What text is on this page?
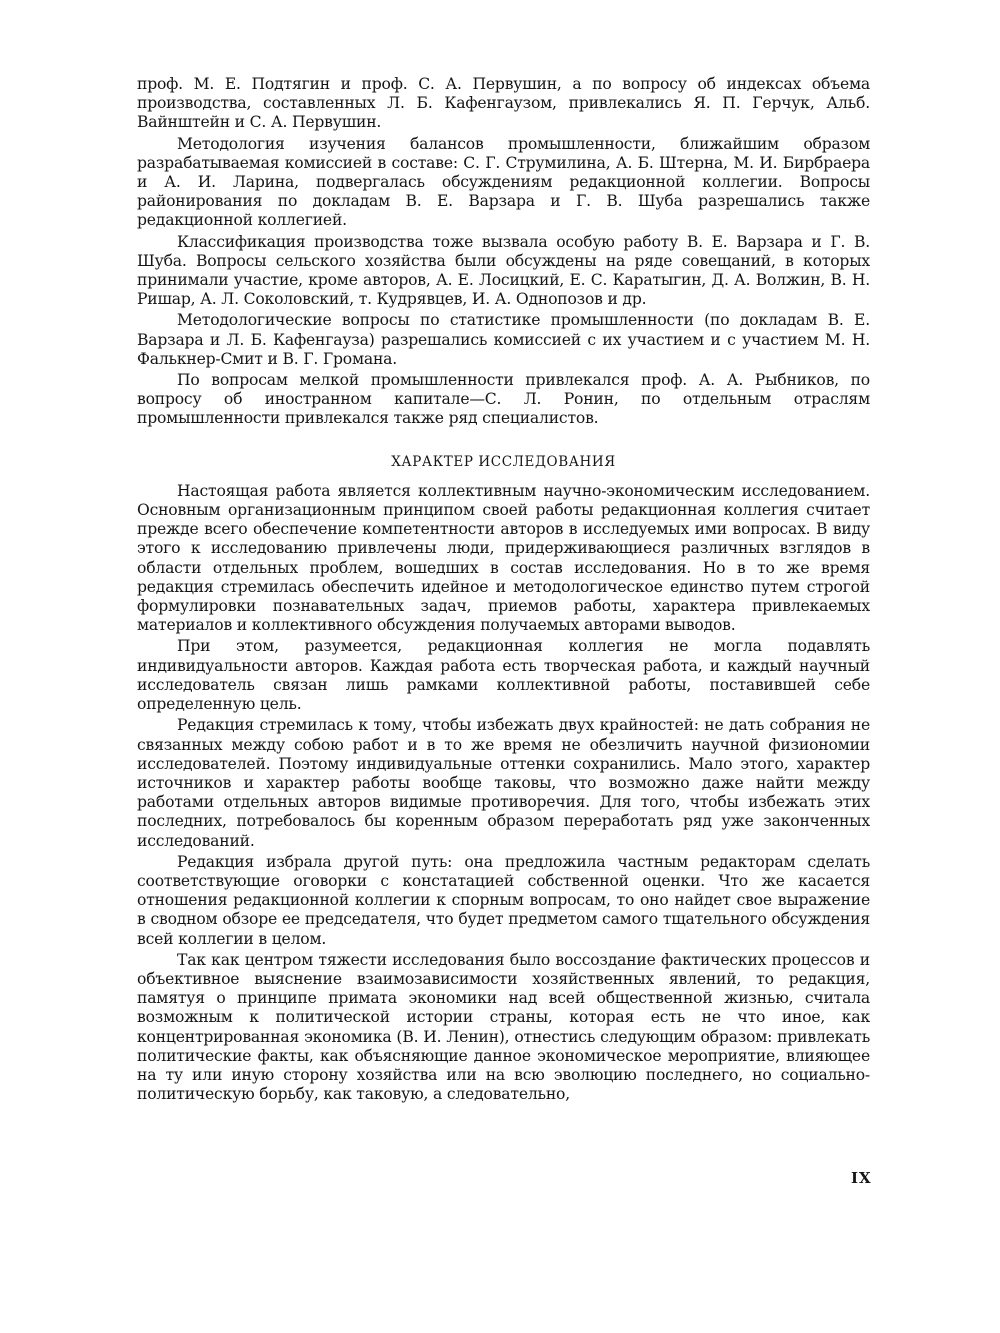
проф. М. Е. Подтягин и проф. С. А. Первушин, а по вопросу об индексах объема производства, составленных Л. Б. Кафенгаузом, привлекались Я. П. Герчук, Альб. Вайнштейн и С. А. Первушин.

Методология изучения балансов промышленности, ближайшим образом разрабатываемая комиссией в составе: С. Г. Струмилина, А. Б. Штерна, М. И. Бирбраера и А. И. Ларина, подвергалась обсуждениям редакционной коллегии. Вопросы районирования по докладам В. Е. Варзара и Г. В. Шуба разрешались также редакционной коллегией.

Классификация производства тоже вызвала особую работу В. Е. Варзара и Г. В. Шуба. Вопросы сельского хозяйства были обсуждены на ряде совещаний, в которых принимали участие, кроме авторов, А. Е. Лосицкий, Е. С. Каратыгин, Д. А. Волжин, В. Н. Ришар, А. Л. Соколовский, т. Кудрявцев, И. А. Однопозов и др.

Методологические вопросы по статистике промышленности (по докладам В. Е. Варзара и Л. Б. Кафенгауза) разрешались комиссией с их участием и с участием М. Н. Фалькнер-Смит и В. Г. Громана.

По вопросам мелкой промышленности привлекался проф. А. А. Рыбников, по вопросу об иностранном капитале—С. Л. Ронин, по отдельным отраслям промышленности привлекался также ряд специалистов.

ХАРАКТЕР ИССЛЕДОВАНИЯ

Настоящая работа является коллективным научно-экономическим исследованием. Основным организационным принципом своей работы редакционная коллегия считает прежде всего обеспечение компетентности авторов в исследуемых ими вопросах. В виду этого к исследованию привлечены люди, придерживающиеся различных взглядов в области отдельных проблем, вошедших в состав исследования. Но в то же время редакция стремилась обеспечить идейное и методологическое единство путем строгой формулировки познавательных задач, приемов работы, характера привлекаемых материалов и коллективного обсуждения получаемых авторами выводов.

При этом, разумеется, редакционная коллегия не могла подавлять индивидуальности авторов. Каждая работа есть творческая работа, и каждый научный исследователь связан лишь рамками коллективной работы, поставившей себе определенную цель.

Редакция стремилась к тому, чтобы избежать двух крайностей: не дать собрания не связанных между собою работ и в то же время не обезличить научной физиономии исследователей. Поэтому индивидуальные оттенки сохранились. Мало этого, характер источников и характер работы вообще таковы, что возможно даже найти между работами отдельных авторов видимые противоречия. Для того, чтобы избежать этих последних, потребовалось бы коренным образом переработать ряд уже законченных исследований.

Редакция избрала другой путь: она предложила частным редакторам сделать соответствующие оговорки с констатацией собственной оценки. Что же касается отношения редакционной коллегии к спорным вопросам, то оно найдет свое выражение в сводном обзоре ее председателя, что будет предметом самого тщательного обсуждения всей коллегии в целом.

Так как центром тяжести исследования было воссоздание фактических процессов и объективное выяснение взаимозависимости хозяйственных явлений, то редакция, памятуя о принципе примата экономики над всей общественной жизнью, считала возможным к политической истории страны, которая есть не что иное, как концентрированная экономика (В. И. Ленин), отнестись следующим образом: привлекать политические факты, как объясняющие данное экономическое мероприятие, влияющее на ту или иную сторону хозяйства или на всю эволюцию последнего, но социально-политическую борьбу, как таковую, а следовательно,

IX
